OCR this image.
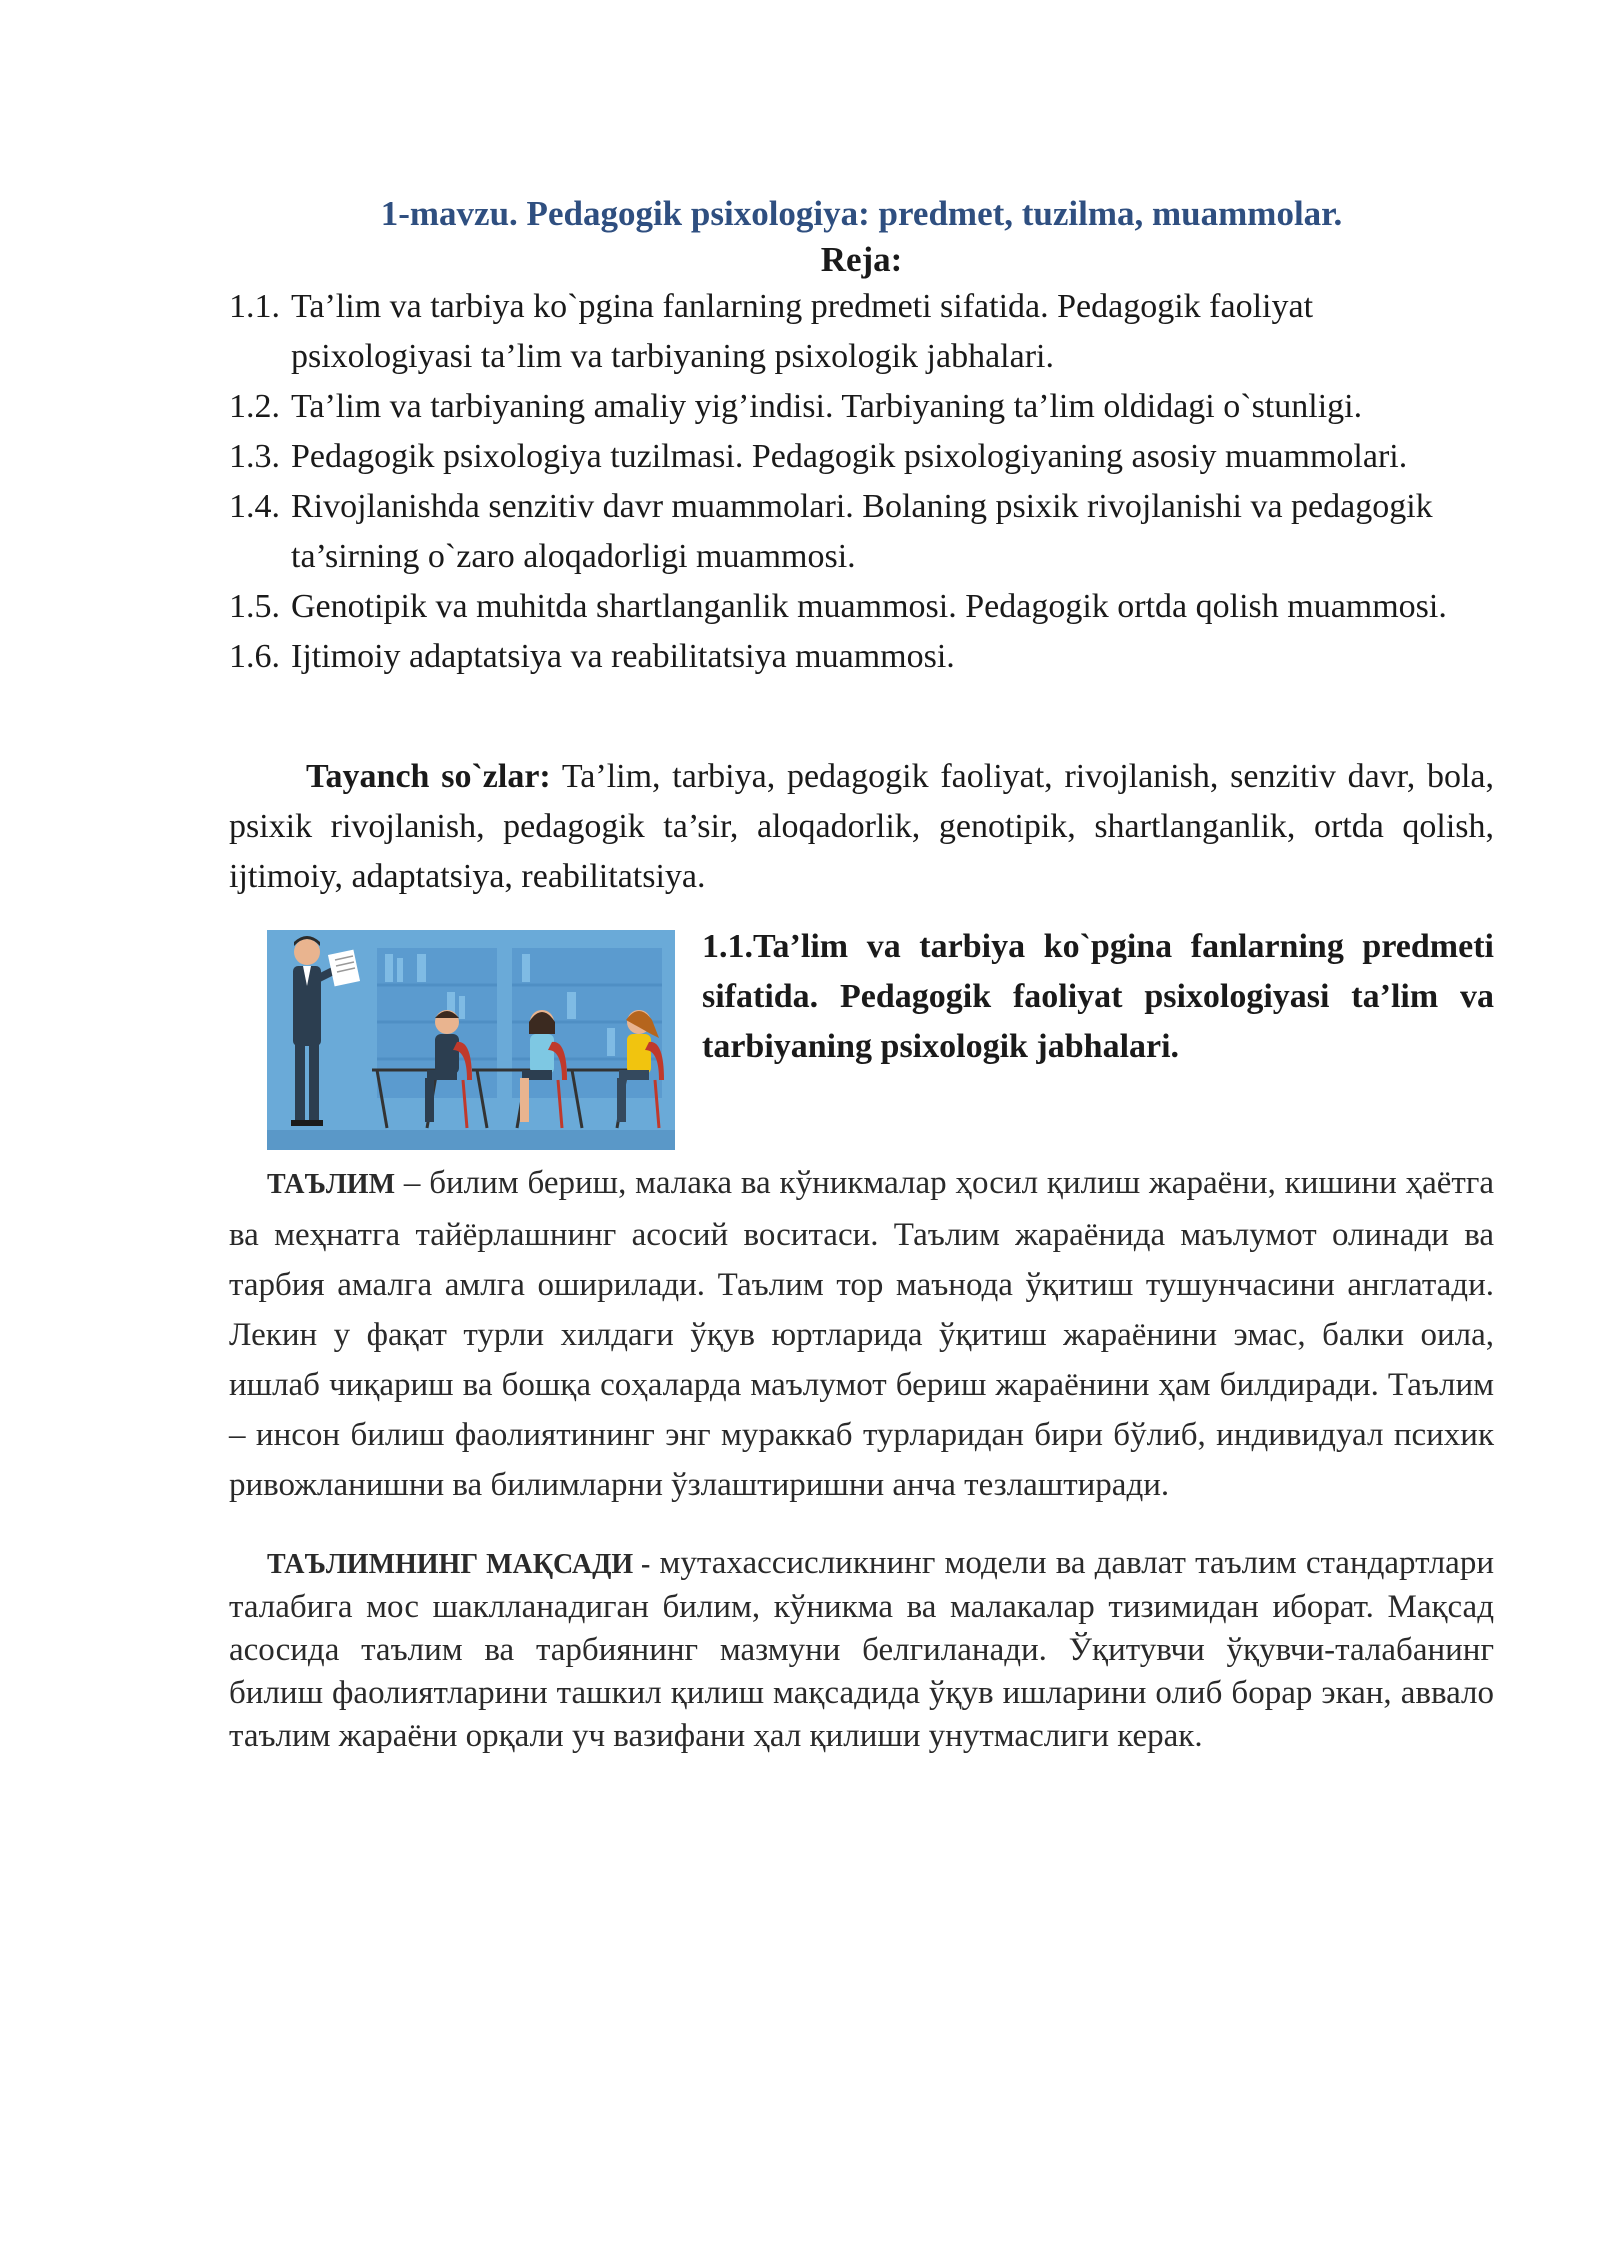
1-mavzu. Pedagogik psixologiya: predmet, tuzilma, muammolar.

Reja:

1.1. Ta’lim va tarbiya ko`pgina fanlarning predmeti sifatida. Pedagogik faoliyat psixologiyasi ta’lim va tarbiyaning psixologik jabhalari.
1.2. Ta’lim va tarbiyaning amaliy yig’indisi. Tarbiyaning ta’lim oldidagi o`stunligi.
1.3. Pedagogik psixologiya tuzilmasi. Pedagogik psixologiyaning asosiy muammolari.
1.4. Rivojlanishda senzitiv davr muammolari. Bolaning psixik rivojlanishi va pedagogik ta’sirning o`zaro aloqadorligi muammosi.
1.5. Genotipik va muhitda shartlanganlik muammosi. Pedagogik ortda qolish muammosi.
1.6. Ijtimoiy adaptatsiya va reabilitatsiya muammosi.

Tayanch so`zlar: Ta’lim, tarbiya, pedagogik faoliyat, rivojlanish, senzitiv davr, bola, psixik rivojlanish, pedagogik ta’sir, aloqadorlik, genotipik, shartlanganlik, ortda qolish, ijtimoiy, adaptatsiya, reabilitatsiya.

1.1.Ta’lim va tarbiya ko`pgina fanlarning predmeti sifatida. Pedagogik faoliyat psixologiyasi ta’lim va tarbiyaning psixologik jabhalari.

ТАЪЛИМ – билим бериш, малака ва кўникмалар ҳосил қилиш жараёни, кишини ҳаётга ва меҳнатга тайёрлашнинг асосий воситаси. Таълим жараёнида маълумот олинади ва тарбия амалга амлга оширилади. Таълим тор маънода ўқитиш тушунчасини англатади. Лекин у фақат турли хилдаги ўқув юртларида ўқитиш жараёнини эмас, балки оила, ишлаб чиқариш ва бошқа соҳаларда маълумот бериш жараёнини ҳам билдиради. Таълим – инсон билиш фаолиятининг энг мураккаб турларидан бири бўлиб, индивидуал психик ривожланишни ва билимларни ўзлаштиришни анча тезлаштиради.

ТАЪЛИМНИНГ МАҚСАДИ - мутахассисликнинг модели ва давлат таълим стандартлари талабига мос шаклланадиган билим, кўникма ва малакалар тизимидан иборат. Мақсад асосида таълим ва тарбиянинг мазмуни белгиланади. Ўқитувчи ўқувчи-талабанинг билиш фаолиятларини ташкил қилиш мақсадида ўқув ишларини олиб борар экан, аввало таълим жараёни орқали уч вазифани ҳал қилиши унутмаслиги керак.
